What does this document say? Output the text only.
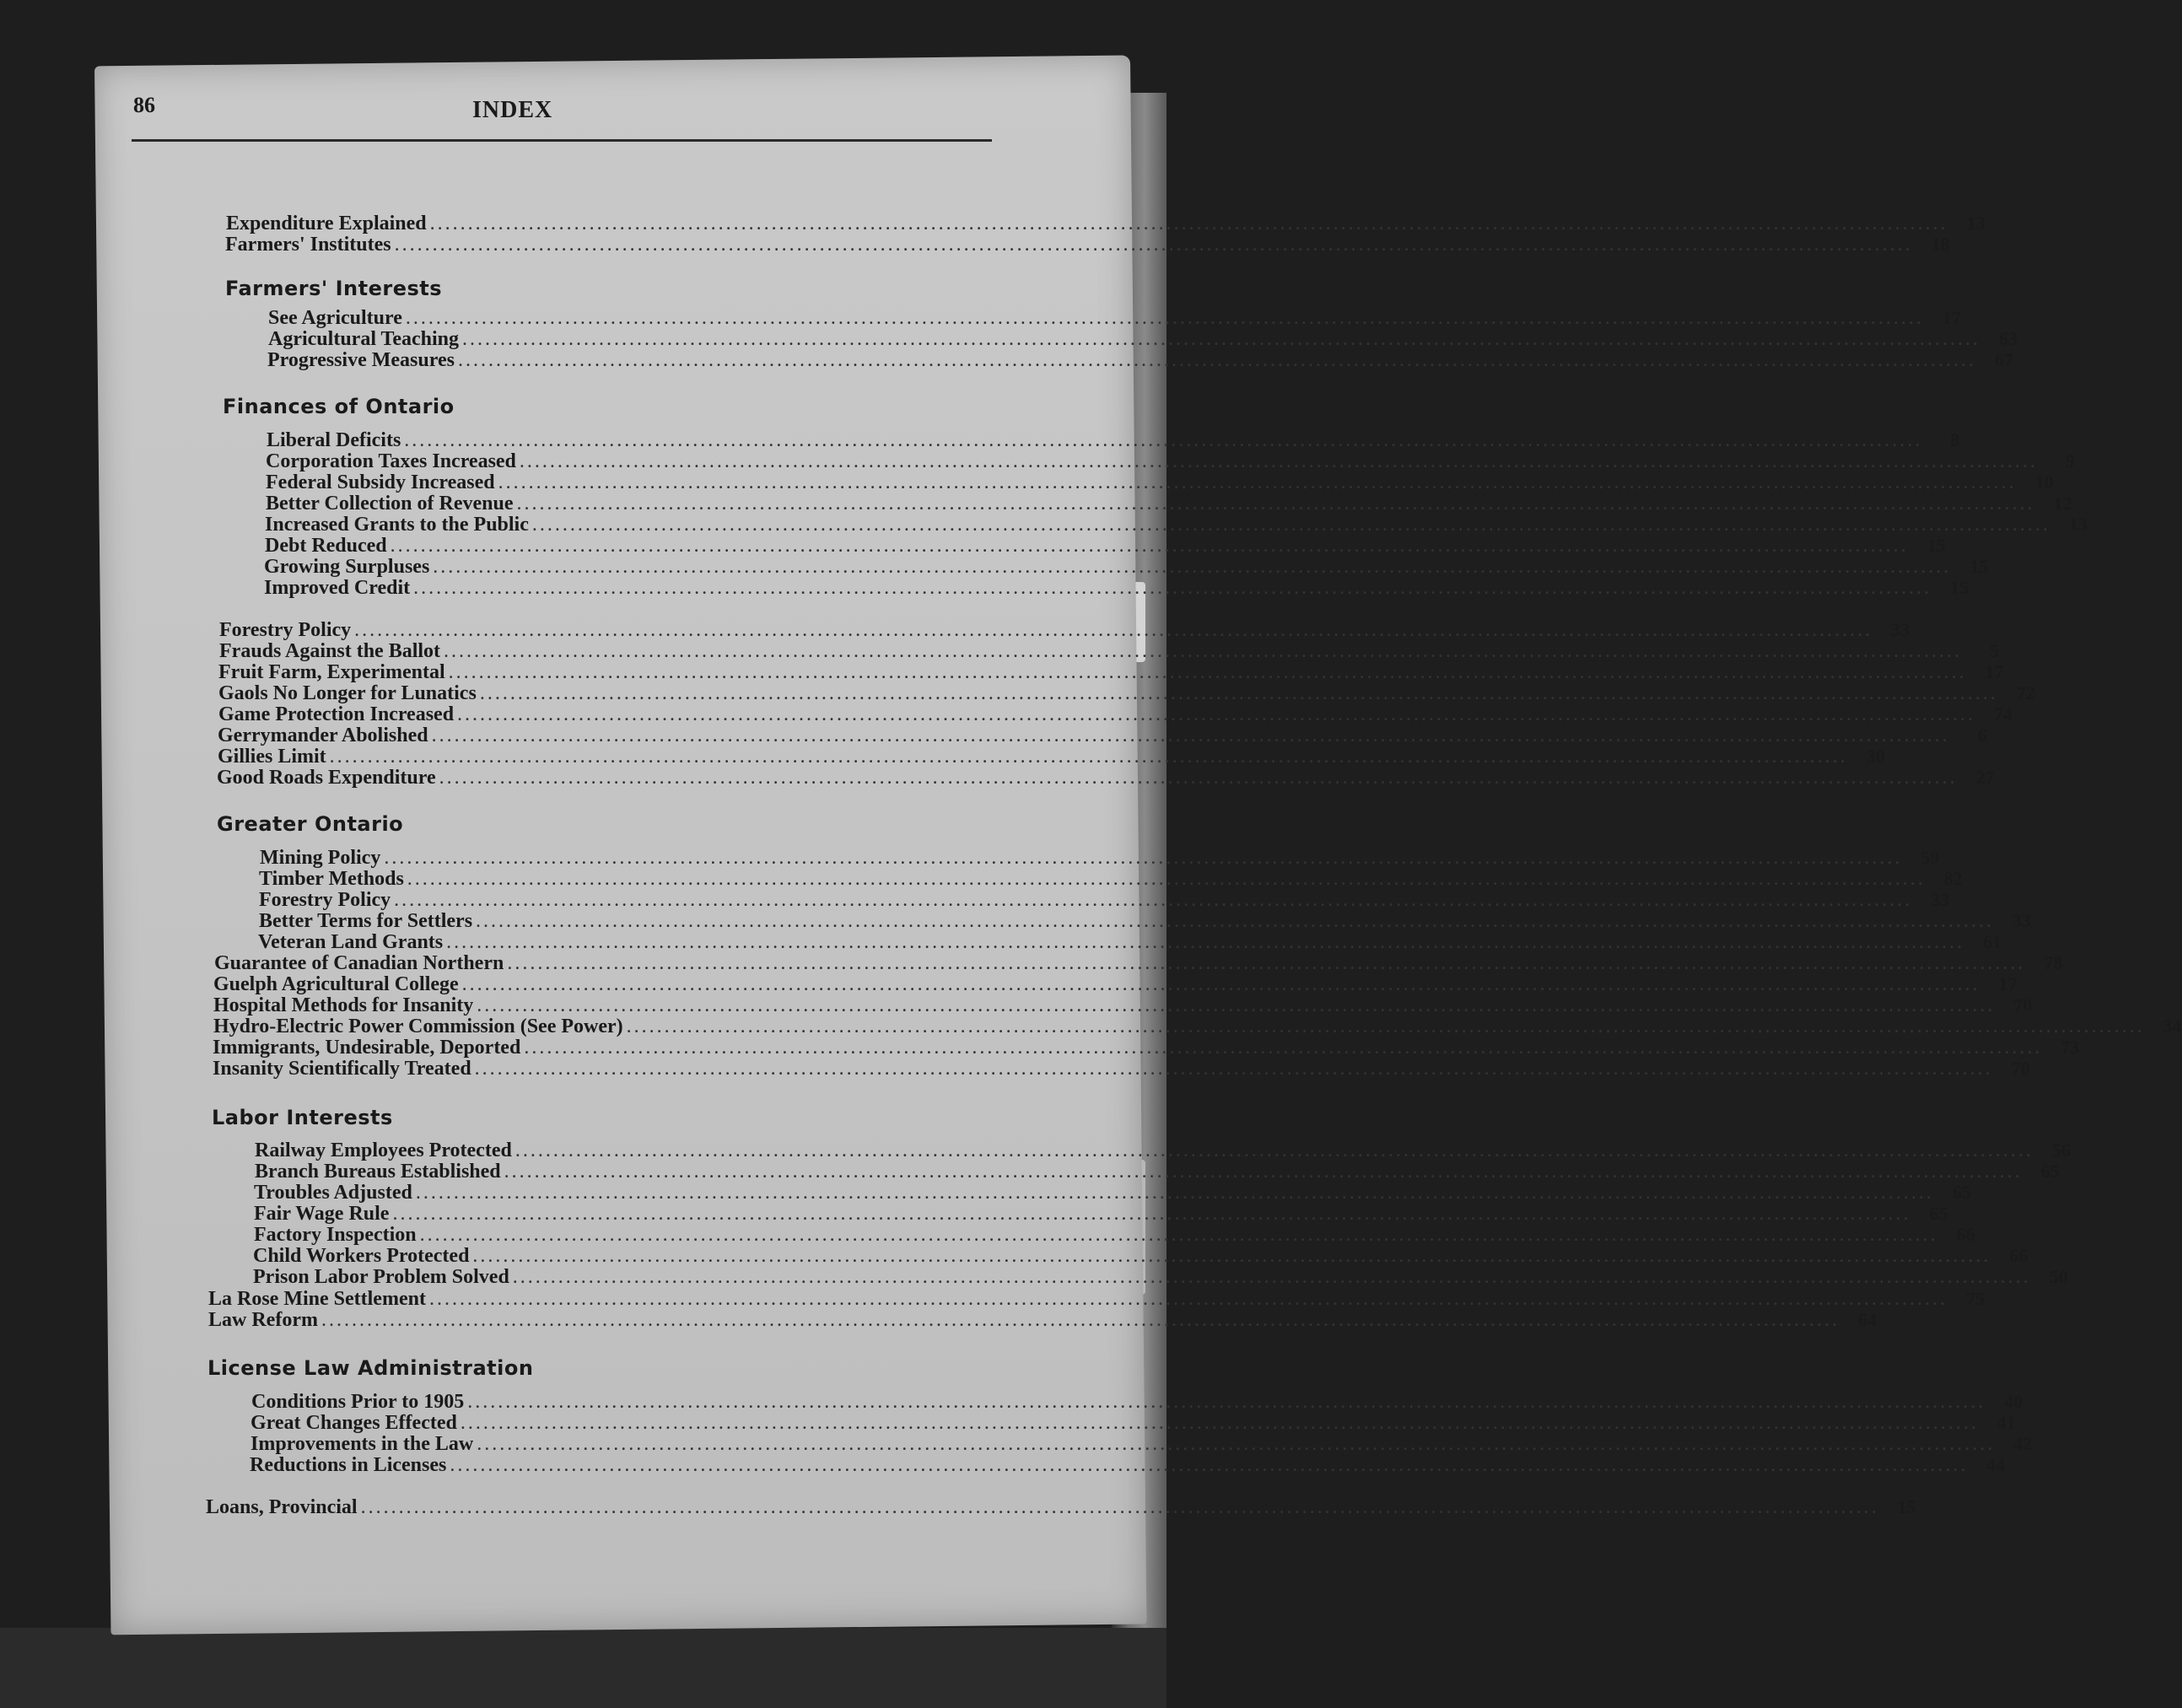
86	INDEX
Expenditure Explained ........................................................................................................................................................................................................	13
Farmers' Institutes ........................................................................................................................................................................................................	18
Farmers' Interests
See Agriculture ........................................................................................................................................................................................................	17
Agricultural Teaching ........................................................................................................................................................................................................	63
Progressive Measures ........................................................................................................................................................................................................	67
Finances of Ontario
Liberal Deficits ........................................................................................................................................................................................................	8
Corporation Taxes Increased ........................................................................................................................................................................................................	9
Federal Subsidy Increased ........................................................................................................................................................................................................	10
Better Collection of Revenue ........................................................................................................................................................................................................	12
Increased Grants to the Public ........................................................................................................................................................................................................	13
Debt Reduced ........................................................................................................................................................................................................	15
Growing Surpluses ........................................................................................................................................................................................................	15
Improved Credit ........................................................................................................................................................................................................	15
Forestry Policy ........................................................................................................................................................................................................	33
Frauds Against the Ballot ........................................................................................................................................................................................................	5
Fruit Farm, Experimental ........................................................................................................................................................................................................	17
Gaols No Longer for Lunatics ........................................................................................................................................................................................................	72
Game Protection Increased ........................................................................................................................................................................................................	74
Gerrymander Abolished ........................................................................................................................................................................................................	6
Gillies Limit ........................................................................................................................................................................................................	30
Good Roads Expenditure ........................................................................................................................................................................................................	27
Greater Ontario
Mining Policy ........................................................................................................................................................................................................	59
Timber Methods ........................................................................................................................................................................................................	82
Forestry Policy ........................................................................................................................................................................................................	33
Better Terms for Settlers ........................................................................................................................................................................................................	33
Veteran Land Grants ........................................................................................................................................................................................................	61
Guarantee of Canadian Northern ........................................................................................................................................................................................................	78
Guelph Agricultural College ........................................................................................................................................................................................................	17
Hospital Methods for Insanity ........................................................................................................................................................................................................	70
Hydro-Electric Power Commission (See Power) ........................................................................................................................................................................................................	34
Immigrants, Undesirable, Deported ........................................................................................................................................................................................................	73
Insanity Scientifically Treated ........................................................................................................................................................................................................	70
Labor Interests
Railway Employees Protected ........................................................................................................................................................................................................	56
Branch Bureaus Established ........................................................................................................................................................................................................	65
Troubles Adjusted ........................................................................................................................................................................................................	65
Fair Wage Rule ........................................................................................................................................................................................................	65
Factory Inspection ........................................................................................................................................................................................................	66
Child Workers Protected ........................................................................................................................................................................................................	66
Prison Labor Problem Solved ........................................................................................................................................................................................................	50
La Rose Mine Settlement ........................................................................................................................................................................................................	75
Law Reform ........................................................................................................................................................................................................	64
License Law Administration
Conditions Prior to 1905 ........................................................................................................................................................................................................	40
Great Changes Effected ........................................................................................................................................................................................................	41
Improvements in the Law ........................................................................................................................................................................................................	42
Reductions in Licenses ........................................................................................................................................................................................................	44
Loans, Provincial ........................................................................................................................................................................................................	15
